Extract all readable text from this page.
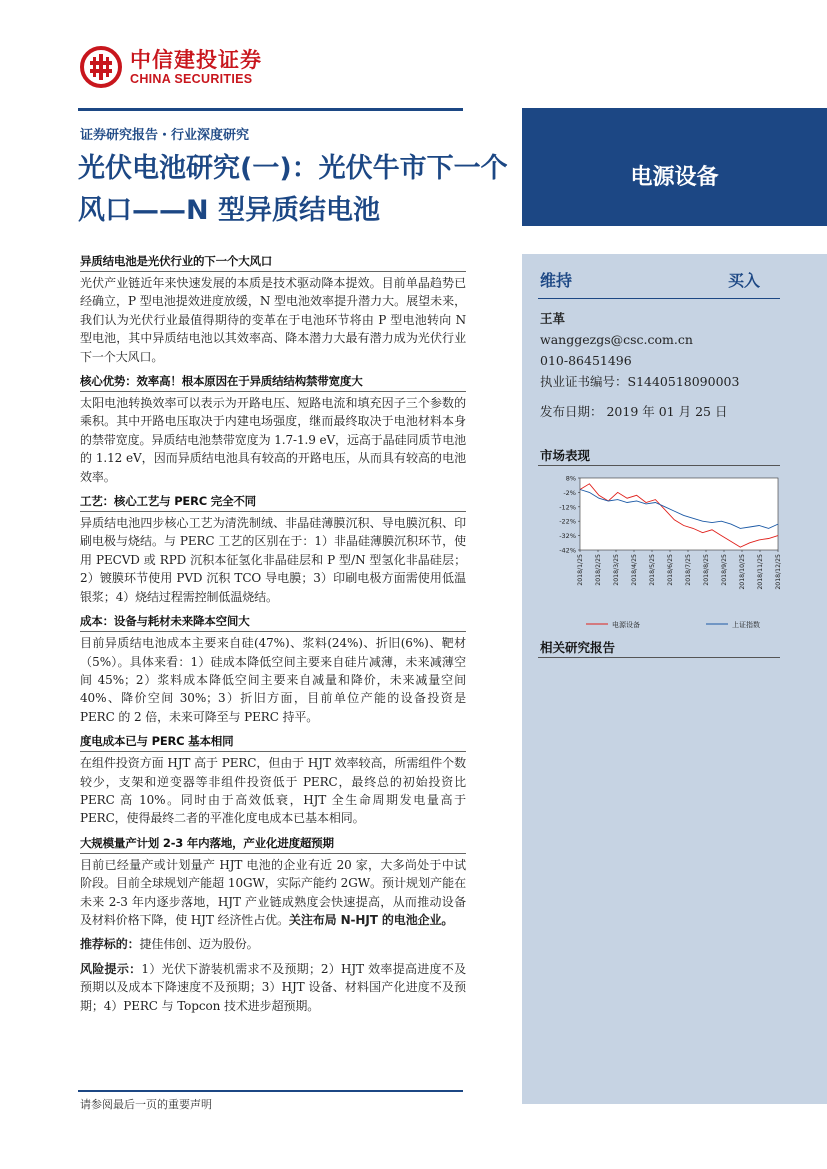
中信建投证券
CHINA SECURITIES
证券研究报告・行业深度研究
光伏电池研究(一)：光伏牛市下一个风口——N 型异质结电池
电源设备
维持	买入
王革
wanggezgs@csc.com.cn
010-86451496
执业证书编号：S1440518090003
发布日期： 2019 年 01 月 25 日
市场表现
8%
-2%
-12%
-22%
-32%
-42%
2018/1/25 2018/2/25 2018/3/25 2018/4/25 2018/5/25 2018/6/25 2018/7/25 2018/8/25 2018/9/25 2018/10/25 2018/11/25 2018/12/25
电源设备	上证指数
相关研究报告
异质结电池是光伏行业的下一个大风口

光伏产业链近年来快速发展的本质是技术驱动降本提效。目前单晶趋势已经确立，P 型电池提效进度放缓，N 型电池效率提升潜力大。展望未来，我们认为光伏行业最值得期待的变革在于电池环节将由 P 型电池转向 N 型电池，其中异质结电池以其效率高、降本潜力大最有潜力成为光伏行业下一个大风口。

核心优势：效率高！根本原因在于异质结结构禁带宽度大

太阳电池转换效率可以表示为开路电压、短路电流和填充因子三个参数的乘积。其中开路电压取决于内建电场强度，继而最终取决于电池材料本身的禁带宽度。异质结电池禁带宽度为 1.7-1.9 eV，远高于晶硅同质节电池的 1.12 eV，因而异质结电池具有较高的开路电压，从而具有较高的电池效率。

工艺：核心工艺与 PERC 完全不同

异质结电池四步核心工艺为清洗制绒、非晶硅薄膜沉积、导电膜沉积、印刷电极与烧结。与 PERC 工艺的区别在于：1）非晶硅薄膜沉积环节，使用 PECVD 或 RPD 沉积本征氢化非晶硅层和 P 型/N 型氢化非晶硅层；2）镀膜环节使用 PVD 沉积 TCO 导电膜；3）印刷电极方面需使用低温银浆；4）烧结过程需控制低温烧结。

成本：设备与耗材未来降本空间大

目前异质结电池成本主要来自硅(47%)、浆料(24%)、折旧(6%)、靶材（5%）。具体来看：1）硅成本降低空间主要来自硅片减薄，未来减薄空间 45%；2）浆料成本降低空间主要来自减量和降价，未来减量空间 40%、降价空间 30%；3）折旧方面，目前单位产能的设备投资是 PERC 的 2 倍，未来可降至与 PERC 持平。

度电成本已与 PERC 基本相同

在组件投资方面 HJT 高于 PERC，但由于 HJT 效率较高，所需组件个数较少，支架和逆变器等非组件投资低于 PERC，最终总的初始投资比 PERC 高 10%。同时由于高效低衰，HJT 全生命周期发电量高于 PERC，使得最终二者的平准化度电成本已基本相同。

大规模量产计划 2-3 年内落地，产业化进度超预期

目前已经量产或计划量产 HJT 电池的企业有近 20 家，大多尚处于中试阶段。目前全球规划产能超 10GW，实际产能约 2GW。预计规划产能在未来 2-3 年内逐步落地，HJT 产业链成熟度会快速提高，从而推动设备及材料价格下降，使 HJT 经济性占优。关注布局 N-HJT 的电池企业。

推荐标的：捷佳伟创、迈为股份。

风险提示：1）光伏下游装机需求不及预期；2）HJT 效率提高进度不及预期以及成本下降速度不及预期；3）HJT 设备、材料国产化进度不及预期；4）PERC 与 Topcon 技术进步超预期。

请参阅最后一页的重要声明
